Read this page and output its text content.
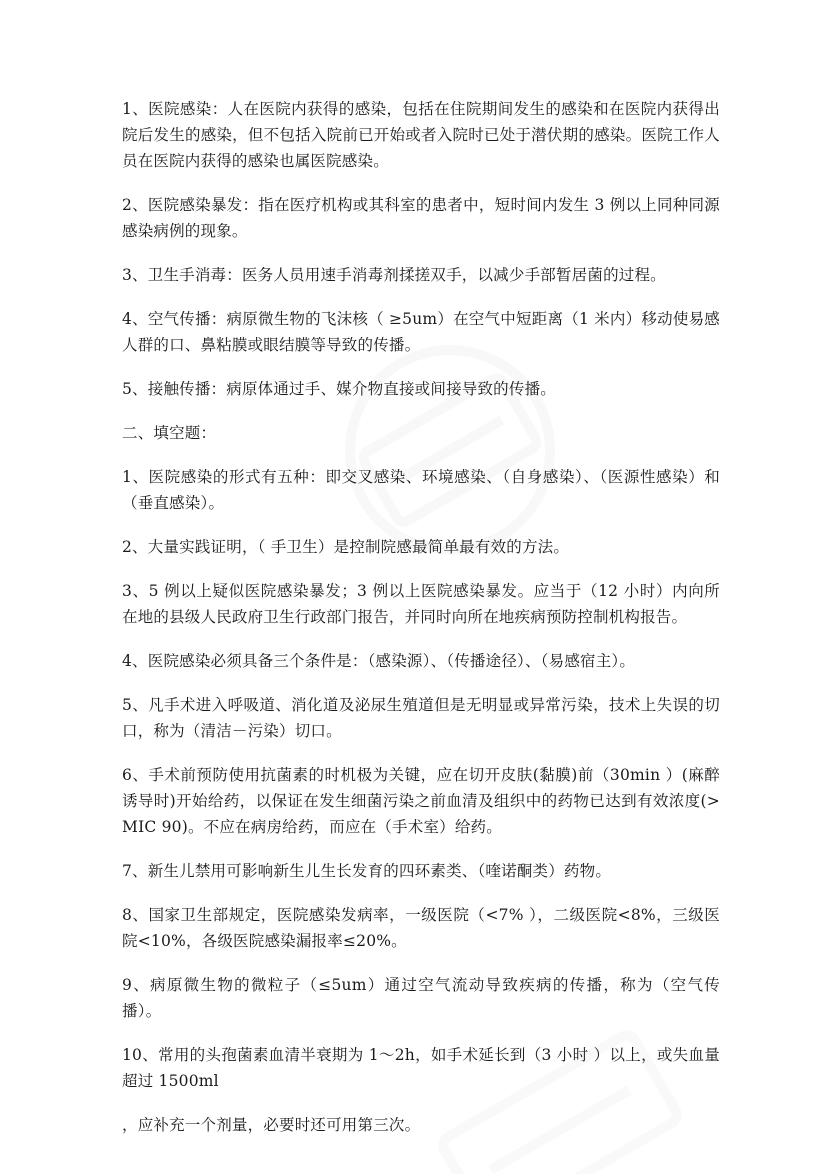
1、医院感染：人在医院内获得的感染，包括在住院期间发生的感染和在医院内获得出院后发生的感染，但不包括入院前已开始或者入院时已处于潜伏期的感染。医院工作人员在医院内获得的感染也属医院感染。

2、医院感染暴发：指在医疗机构或其科室的患者中，短时间内发生 3 例以上同种同源感染病例的现象。

3、卫生手消毒：医务人员用速手消毒剂揉搓双手，以减少手部暂居菌的过程。

4、空气传播：病原微生物的飞沫核（ ≥5um）在空气中短距离（1 米内）移动使易感人群的口、鼻粘膜或眼结膜等导致的传播。

5、接触传播：病原体通过手、媒介物直接或间接导致的传播。

二、填空题：

1、医院感染的形式有五种：即交叉感染、环境感染、（自身感染）、（医源性感染）和（垂直感染）。

2、大量实践证明，（ 手卫生）是控制院感最简单最有效的方法。

3、5 例以上疑似医院感染暴发；3 例以上医院感染暴发。应当于（12 小时）内向所在地的县级人民政府卫生行政部门报告，并同时向所在地疾病预防控制机构报告。

4、医院感染必须具备三个条件是：（感染源）、（传播途径）、（易感宿主）。

5、凡手术进入呼吸道、消化道及泌尿生殖道但是无明显或异常污染，技术上失误的切口，称为（清洁－污染）切口。

6、手术前预防使用抗菌素的时机极为关键，应在切开皮肤(黏膜)前（30min ）(麻醉诱导时)开始给药，以保证在发生细菌污染之前血清及组织中的药物已达到有效浓度(>MIC 90)。不应在病房给药，而应在（手术室）给药。

7、新生儿禁用可影响新生儿生长发育的四环素类、（喹诺酮类）药物。

8、国家卫生部规定，医院感染发病率，一级医院（<7% ），二级医院<8%，三级医院<10%，各级医院感染漏报率≤20%。

9、病原微生物的微粒子（≤5um）通过空气流动导致疾病的传播，称为（空气传播）。

10、常用的头孢菌素血清半衰期为 1～2h，如手术延长到（3 小时 ）以上，或失血量超过 1500ml

，应补充一个剂量，必要时还可用第三次。
